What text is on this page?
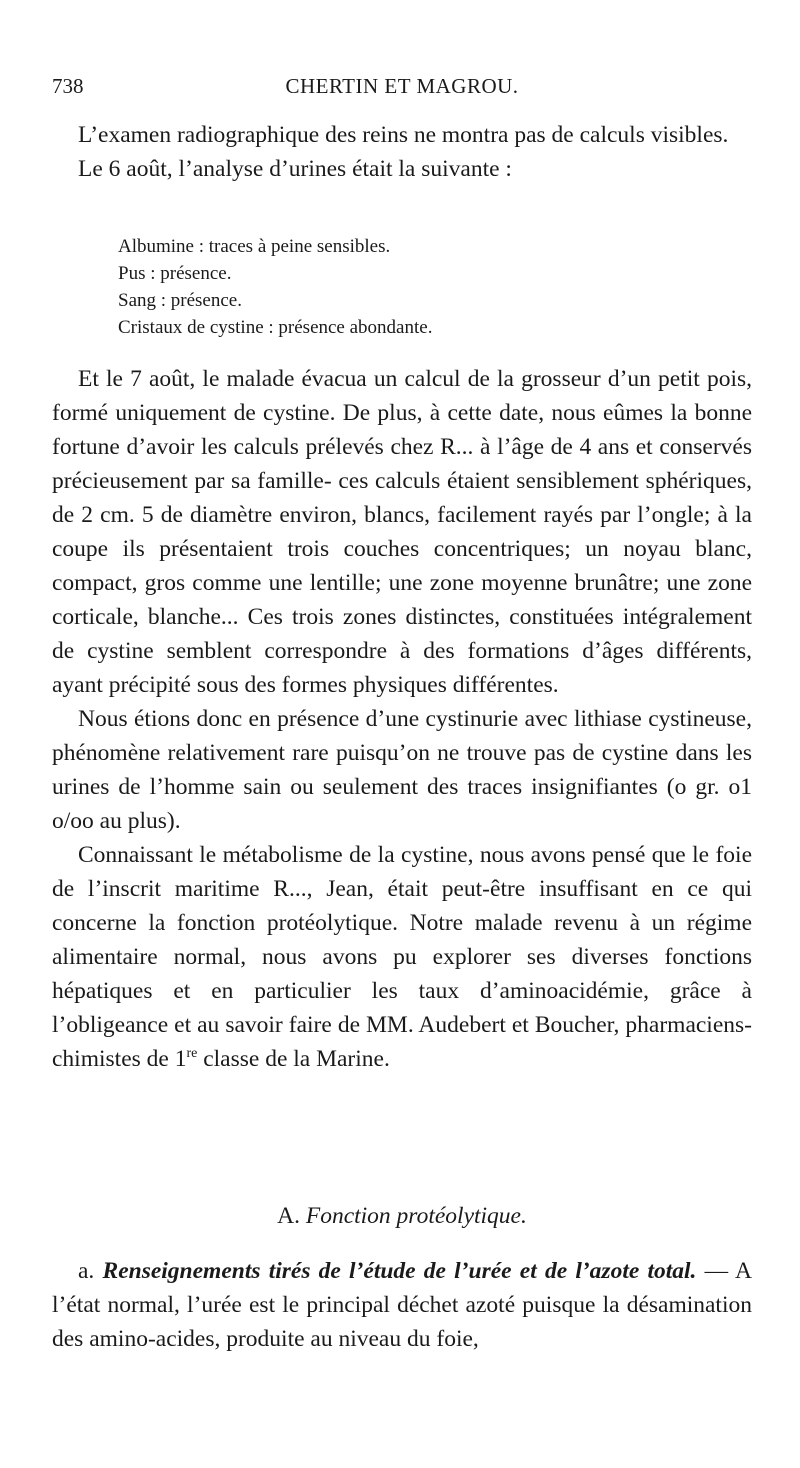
738	CHERTIN ET MAGROU.

L’examen radiographique des reins ne montra pas de calculs visibles.

Le 6 août, l’analyse d’urines était la suivante :

Albumine : traces à peine sensibles.
Pus : présence.
Sang : présence.
Cristaux de cystine : présence abondante.

Et le 7 août, le malade évacua un calcul de la grosseur d’un petit pois, formé uniquement de cystine. De plus, à cette date, nous eûmes la bonne fortune d’avoir les calculs prélevés chez R... à l’âge de 4 ans et conservés précieusement par sa famille- ces calculs étaient sensiblement sphériques, de 2 cm. 5 de diamètre environ, blancs, facilement rayés par l’ongle; à la coupe ils présentaient trois couches concentriques; un noyau blanc, compact, gros comme une lentille; une zone moyenne brunâtre; une zone corticale, blanche... Ces trois zones distinctes, constituées intégralement de cystine semblent correspondre à des formations d’âges différents, ayant précipité sous des formes physiques différentes.

Nous étions donc en présence d’une cystinurie avec lithiase cystineuse, phénomène relativement rare puisqu’on ne trouve pas de cystine dans les urines de l’homme sain ou seulement des traces insignifiantes (o gr. o1 o/oo au plus).

Connaissant le métabolisme de la cystine, nous avons pensé que le foie de l’inscrit maritime R..., Jean, était peut-être insuffisant en ce qui concerne la fonction protéolytique. Notre malade revenu à un régime alimentaire normal, nous avons pu explorer ses diverses fonctions hépatiques et en particulier les taux d’aminoacidémie, grâce à l’obligeance et au savoir faire de MM. Audebert et Boucher, pharmaciens-chimistes de 1re classe de la Marine.

A. Fonction protéolytique.

a. Renseignements tirés de l’étude de l’urée et de l’azote total. — A l’état normal, l’urée est le principal déchet azoté puisque la désamination des amino-acides, produite au niveau du foie,
